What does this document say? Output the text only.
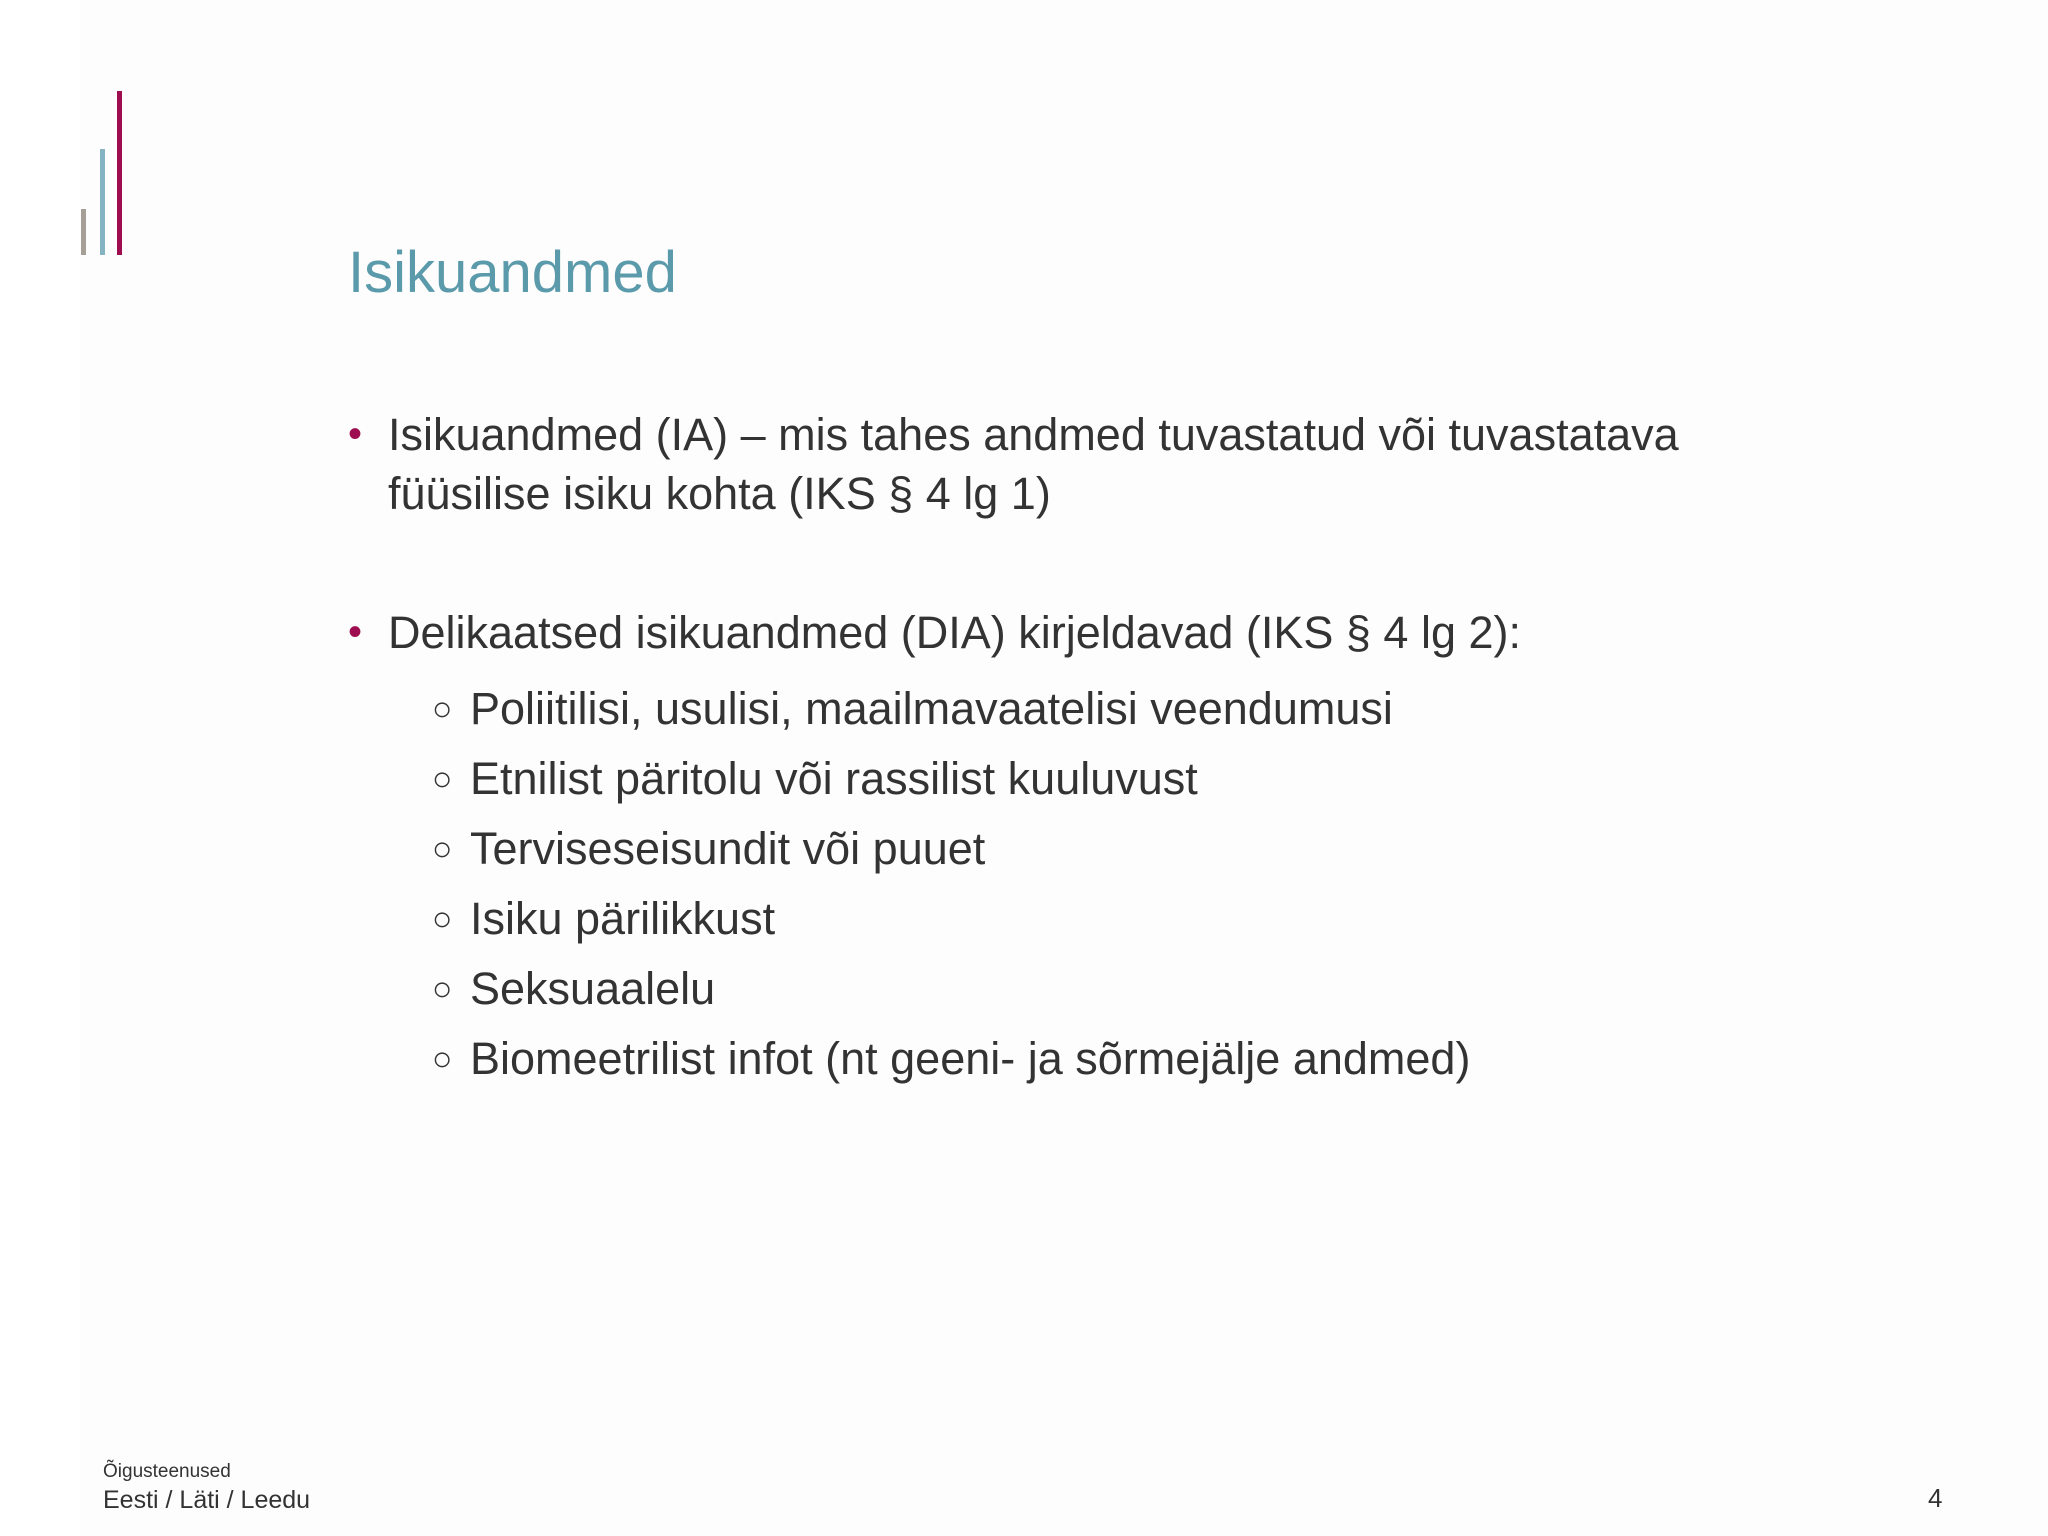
Isikuandmed
• Isikuandmed (IA) – mis tahes andmed tuvastatud või tuvastatava füüsilise isiku kohta (IKS § 4 lg 1)
• Delikaatsed isikuandmed (DIA) kirjeldavad (IKS § 4 lg 2):
○ Poliitilisi, usulisi, maailmavaatelisi veendumusi
○ Etnilist päritolu või rassilist kuuluvust
○ Terviseseisundit või puuet
○ Isiku pärilikkust
○ Seksuaalelu
○ Biomeetrilist infot (nt geeni- ja sõrmejälje andmed)
Õigusteenused
Eesti / Läti / Leedu	4
